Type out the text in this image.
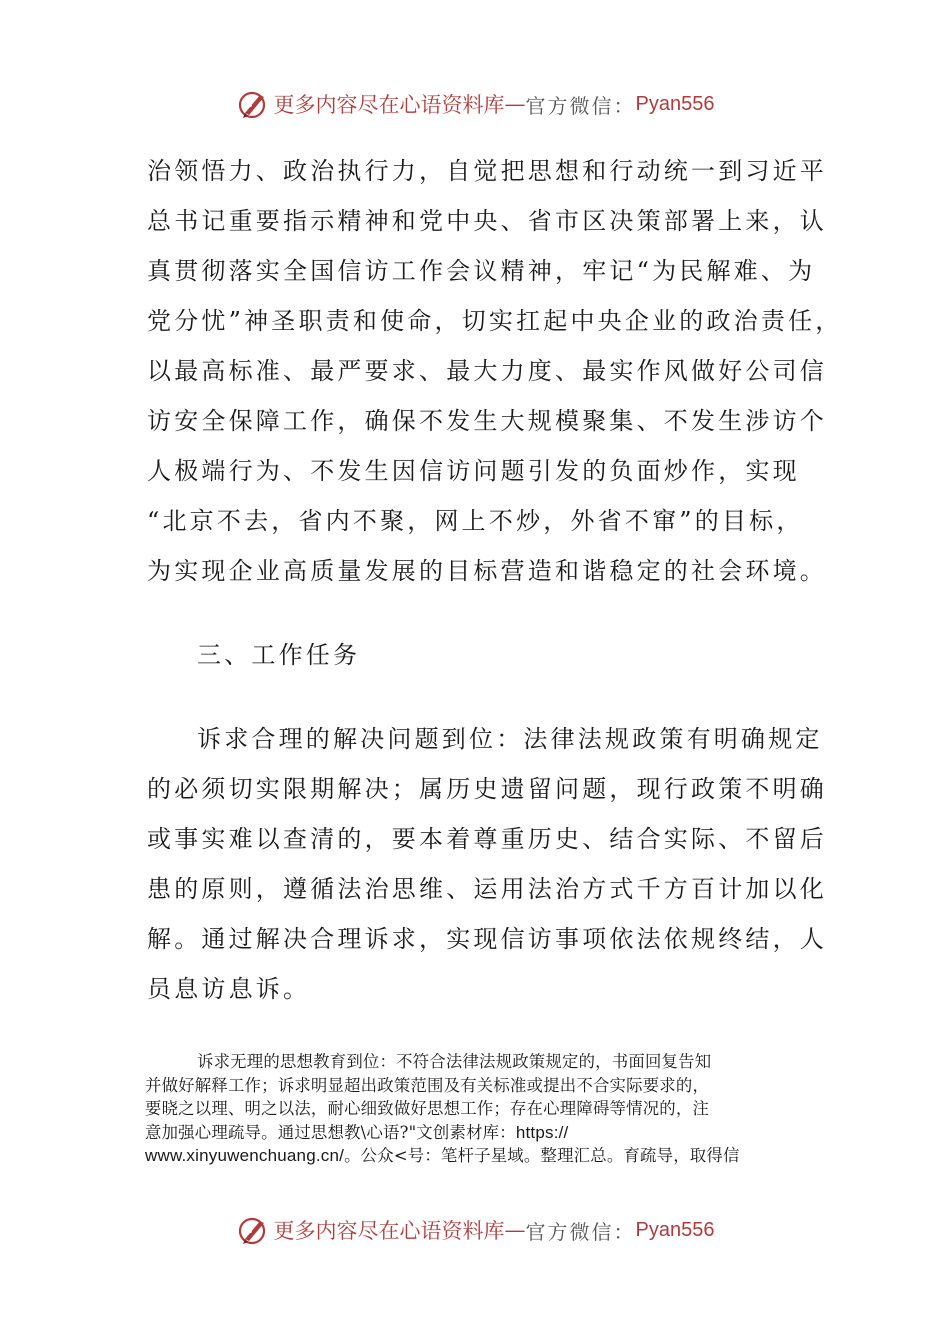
更多内容尽在心语资料库 — 官方微信： Pyan556
治领悟力、政治执行力，自觉把思想和行动统一到习近平
总书记重要指示精神和党中央、省市区决策部署上来，认
真贯彻落实全国信访工作会议精神，牢记“为民解难、为
党分忧”神圣职责和使命，切实扛起中央企业的政治责任，
以最高标准、最严要求、最大力度、最实作风做好公司信
访安全保障工作，确保不发生大规模聚集、不发生涉访个
人极端行为、不发生因信访问题引发的负面炒作，实现
“北京不去，省内不聚，网上不炒，外省不窜”的目标，
为实现企业高质量发展的目标营造和谐稳定的社会环境。
三、工作任务
诉求合理的解决问题到位：法律法规政策有明确规定
的必须切实限期解决；属历史遗留问题，现行政策不明确
或事实难以查清的，要本着尊重历史、结合实际、不留后
患的原则，遵循法治思维、运用法治方式千方百计加以化
解。通过解决合理诉求，实现信访事项依法依规终结，人
员息访息诉。
诉求无理的思想教育到位：不符合法律法规政策规定的，书面回复告知
并做好解释工作；诉求明显超出政策范围及有关标准或提出不合实际要求的，
要晓之以理、明之以法，耐心细致做好思想工作；存在心理障碍等情况的，注
意加强心理疏导。通过思想教\心语?"文创素材库：https://
www.xinyuwenchuang.cn/。公众<号：笔杆子星域。整理汇总。育疏导，取得信
更多内容尽在心语资料库 — 官方微信： Pyan556
